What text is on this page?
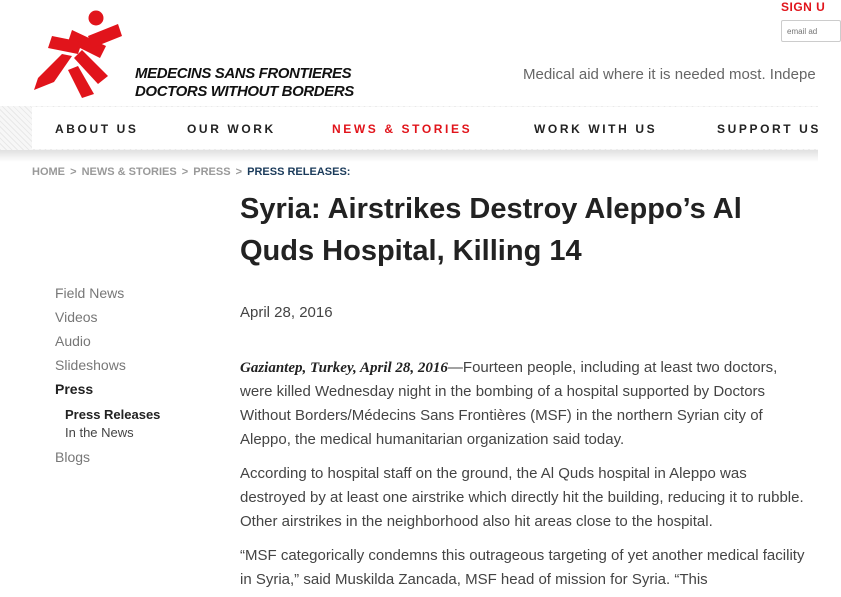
MEDECINS SANS FRONTIERES
DOCTORS WITHOUT BORDERS
SIGN U
email ad
Medical aid where it is needed most. Indepe
ABOUT US	OUR WORK	NEWS & STORIES	WORK WITH US	SUPPORT US
HOME > NEWS & STORIES > PRESS > PRESS RELEASES:
Field News
Videos
Audio
Slideshows
Press
Press Releases
In the News
Blogs
Syria: Airstrikes Destroy Aleppo’s Al Quds Hospital, Killing 14
April 28, 2016
Gaziantep, Turkey, April 28, 2016—Fourteen people, including at least two doctors, were killed Wednesday night in the bombing of a hospital supported by Doctors Without Borders/Médecins Sans Frontières (MSF) in the northern Syrian city of Aleppo, the medical humanitarian organization said today.
According to hospital staff on the ground, the Al Quds hospital in Aleppo was destroyed by at least one airstrike which directly hit the building, reducing it to rubble. Other airstrikes in the neighborhood also hit areas close to the hospital.
“MSF categorically condemns this outrageous targeting of yet another medical facility in Syria,” said Muskilda Zancada, MSF head of mission for Syria. “This
